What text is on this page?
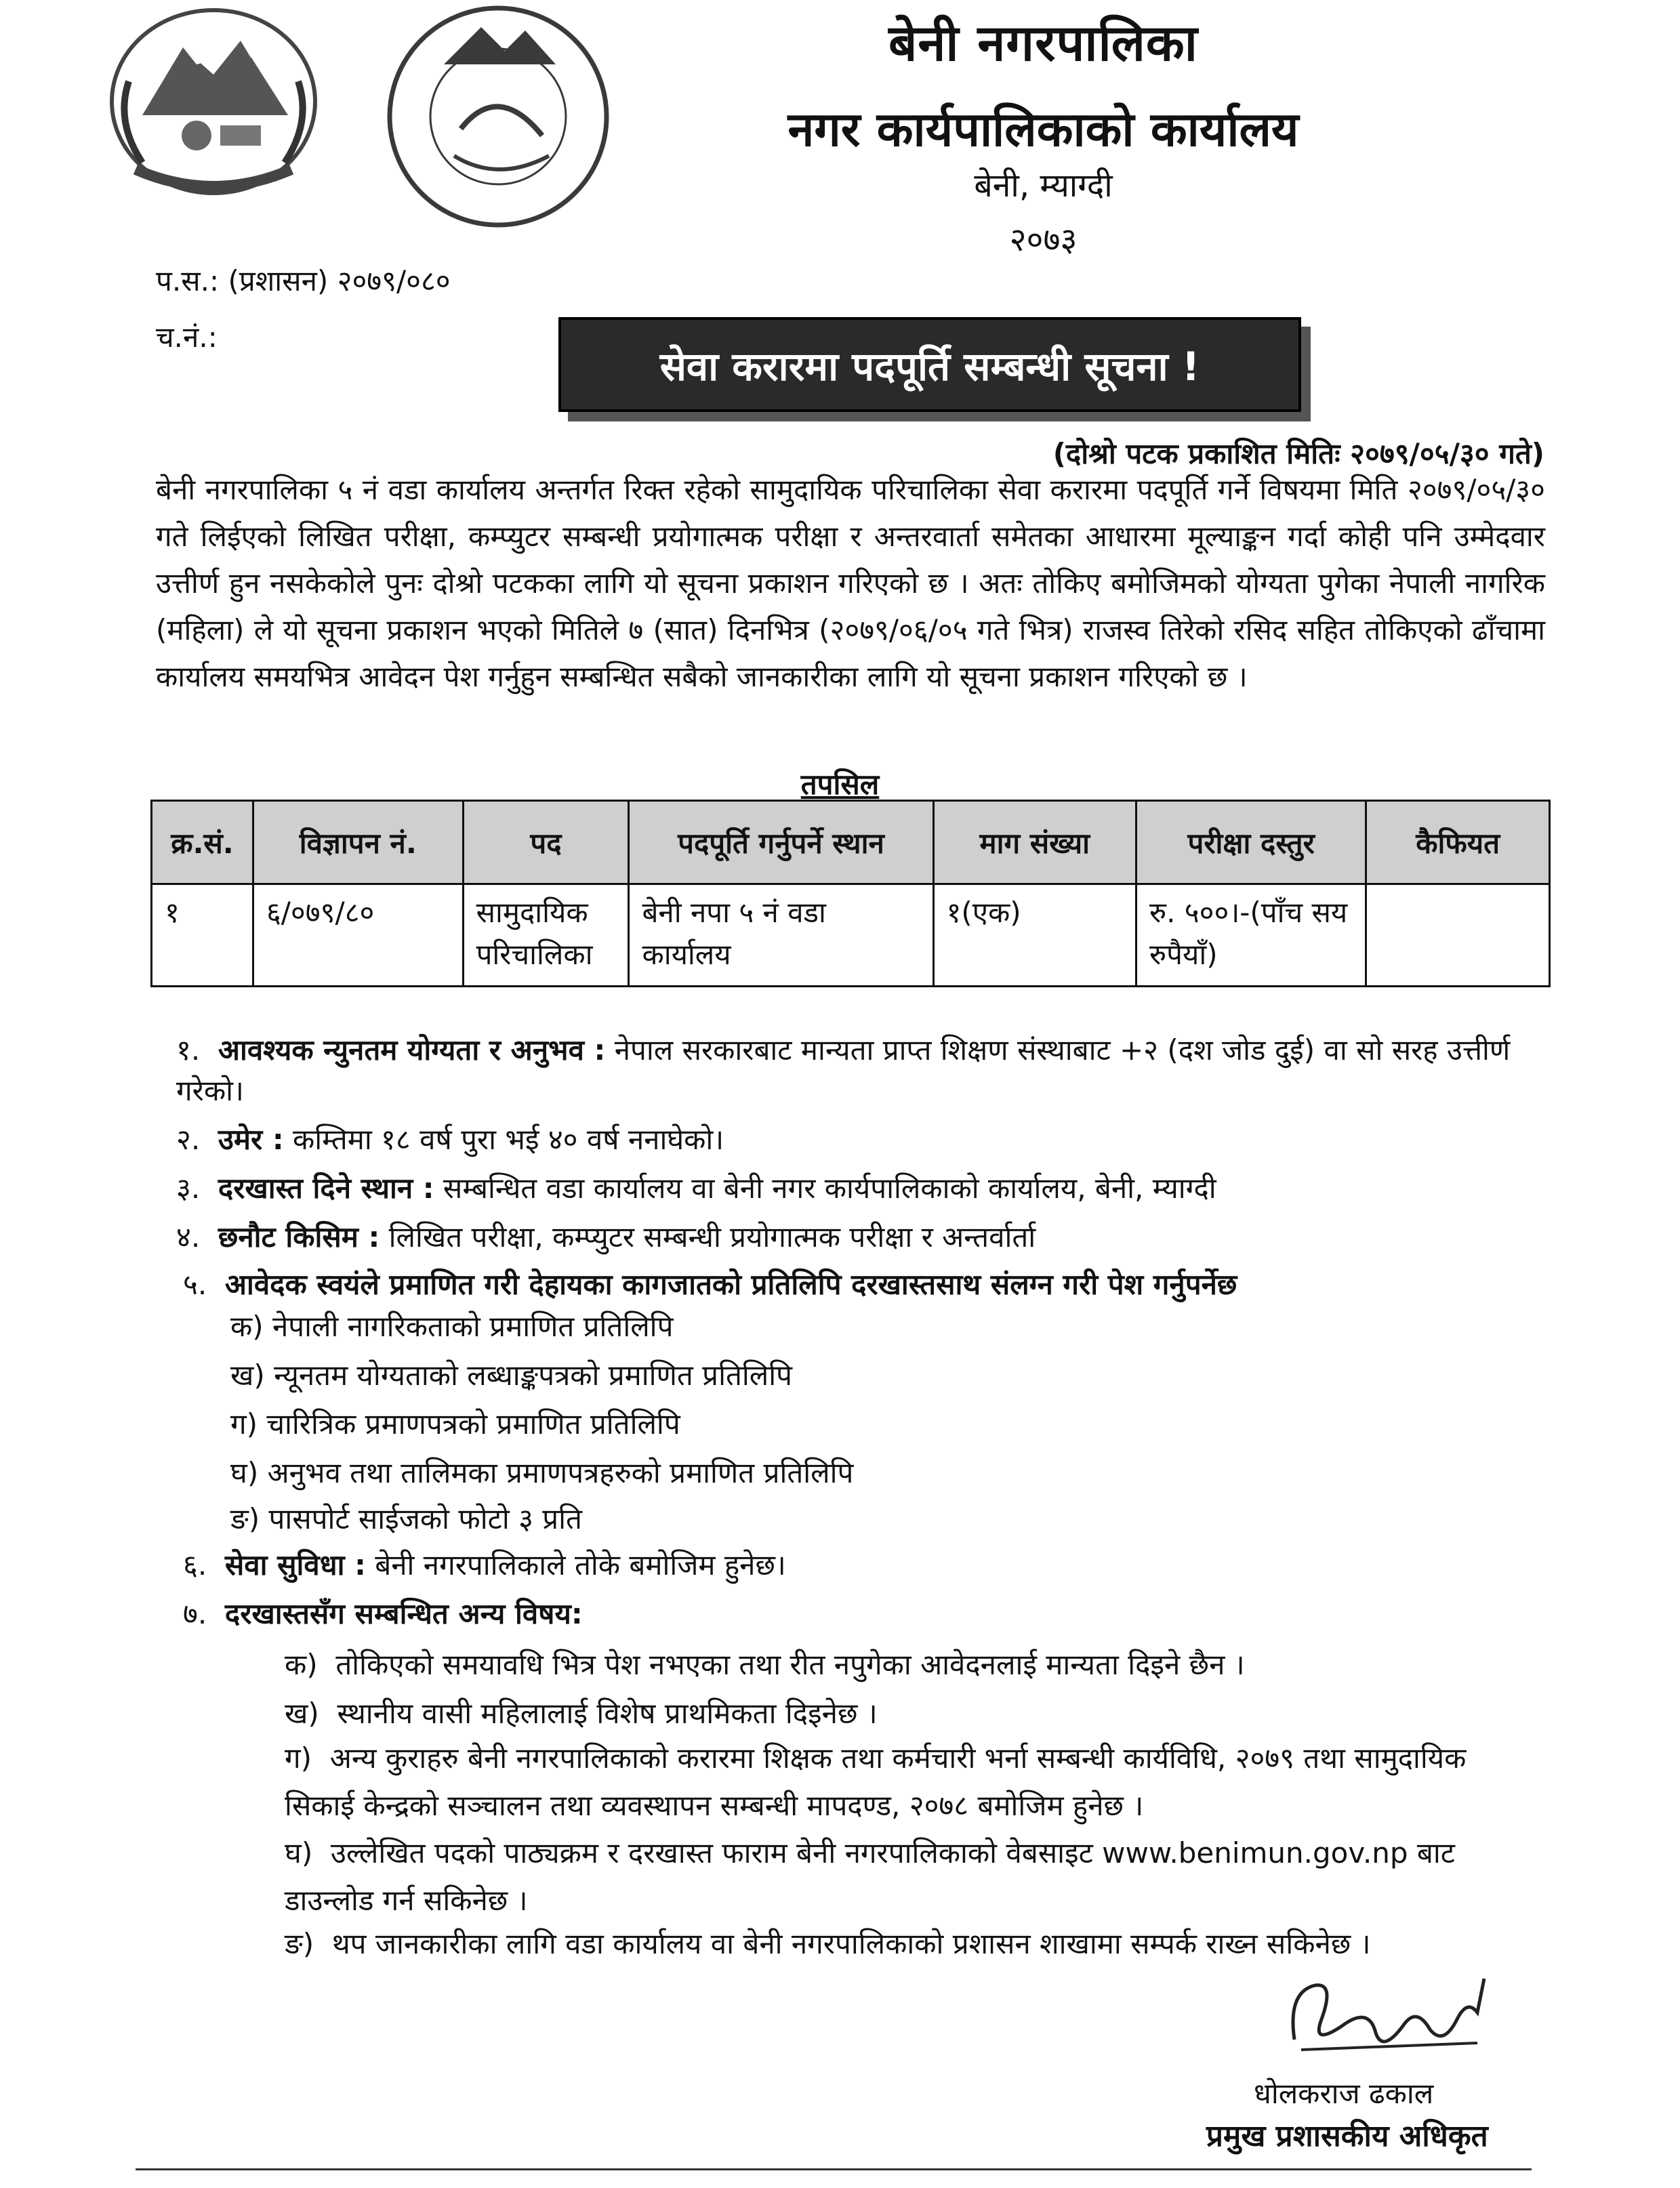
बेनी नगरपालिका
नगर कार्यपालिकाको कार्यालय
बेनी, म्याग्दी
२०७३
प.स.: (प्रशासन) २०७९/०८०
च.नं.:
सेवा करारमा पदपूर्ति सम्बन्धी सूचना !
(दोश्रो पटक प्रकाशित मितिः २०७९/०५/३० गते)
बेनी नगरपालिका ५ नं वडा कार्यालय अन्तर्गत रिक्त रहेको सामुदायिक परिचालिका सेवा करारमा पदपूर्ति गर्ने विषयमा मिति २०७९/०५/३० गते लिईएको लिखित परीक्षा, कम्प्युटर सम्बन्धी प्रयोगात्मक परीक्षा र अन्तरवार्ता समेतका आधारमा मूल्याङ्कन गर्दा कोही पनि उम्मेदवार उत्तीर्ण हुन नसकेकोले पुनः दोश्रो पटकका लागि यो सूचना प्रकाशन गरिएको छ । अतः तोकिए बमोजिमको योग्यता पुगेका नेपाली नागरिक (महिला) ले यो सूचना प्रकाशन भएको मितिले ७ (सात) दिनभित्र (२०७९/०६/०५ गते भित्र) राजस्व तिरेको रसिद सहित तोकिएको ढाँचामा कार्यालय समयभित्र आवेदन पेश गर्नुहुन सम्बन्धित सबैको जानकारीका लागि यो सूचना प्रकाशन गरिएको छ ।
तपसिल
क्र.सं.	विज्ञापन नं.	पद	पदपूर्ति गर्नुपर्ने स्थान	माग संख्या	परीक्षा दस्तुर	कैफियत
१	६/०७९/८०	सामुदायिक परिचालिका	बेनी नपा ५ नं वडा कार्यालय	१(एक)	रु. ५००।-(पाँच सय रुपैयाँ)	
१. आवश्यक न्युनतम योग्यता र अनुभव : नेपाल सरकारबाट मान्यता प्राप्त शिक्षण संस्थाबाट +२ (दश जोड दुई) वा सो सरह उत्तीर्ण गरेको।
२. उमेर : कम्तिमा १८ वर्ष पुरा भई ४० वर्ष ननाघेको।
३. दरखास्त दिने स्थान : सम्बन्धित वडा कार्यालय वा बेनी नगर कार्यपालिकाको कार्यालय, बेनी, म्याग्दी
४. छनौट किसिम : लिखित परीक्षा, कम्प्युटर सम्बन्धी प्रयोगात्मक परीक्षा र अन्तर्वार्ता
५. आवेदक स्वयंले प्रमाणित गरी देहायका कागजातको प्रतिलिपि दरखास्तसाथ संलग्न गरी पेश गर्नुपर्नेछ
क) नेपाली नागरिकताको प्रमाणित प्रतिलिपि
ख) न्यूनतम योग्यताको लब्धाङ्कपत्रको प्रमाणित प्रतिलिपि
ग) चारित्रिक प्रमाणपत्रको प्रमाणित प्रतिलिपि
घ) अनुभव तथा तालिमका प्रमाणपत्रहरुको प्रमाणित प्रतिलिपि
ङ) पासपोर्ट साईजको फोटो ३ प्रति
६. सेवा सुविधा : बेनी नगरपालिकाले तोके बमोजिम हुनेछ।
७. दरखास्तसँग सम्बन्धित अन्य विषय:
क) तोकिएको समयावधि भित्र पेश नभएका तथा रीत नपुगेका आवेदनलाई मान्यता दिइने छैन ।
ख) स्थानीय वासी महिलालाई विशेष प्राथमिकता दिइनेछ ।
ग) अन्य कुराहरु बेनी नगरपालिकाको करारमा शिक्षक तथा कर्मचारी भर्ना सम्बन्धी कार्यविधि, २०७९ तथा सामुदायिक सिकाई केन्द्रको सञ्चालन तथा व्यवस्थापन सम्बन्धी मापदण्ड, २०७८ बमोजिम हुनेछ ।
घ) उल्लेखित पदको पाठ्यक्रम र दरखास्त फाराम बेनी नगरपालिकाको वेबसाइट www.benimun.gov.np बाट डाउन्लोड गर्न सकिनेछ ।
ङ) थप जानकारीका लागि वडा कार्यालय वा बेनी नगरपालिकाको प्रशासन शाखामा सम्पर्क राख्न सकिनेछ ।
धोलकराज ढकाल
प्रमुख प्रशासकीय अधिकृत
